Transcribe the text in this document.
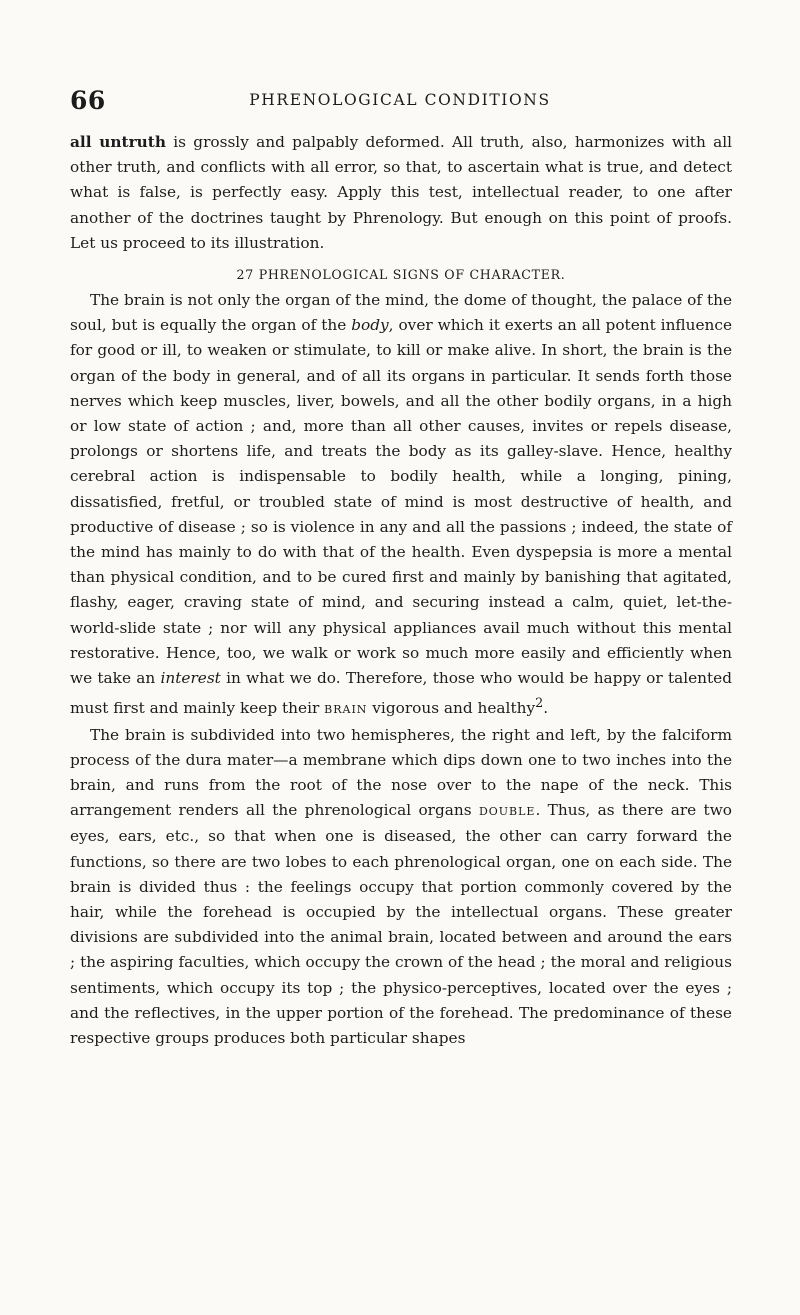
66	PHRENOLOGICAL CONDITIONS

all untruth is grossly and palpably deformed. All truth, also, harmonizes with all other truth, and conflicts with all error, so that, to ascertain what is true, and detect what is false, is perfectly easy. Apply this test, intellectual reader, to one after another of the doctrines taught by Phrenology. But enough on this point of proofs. Let us proceed to its illustration.

27 PHRENOLOGICAL SIGNS OF CHARACTER.

The brain is not only the organ of the mind, the dome of thought, the palace of the soul, but is equally the organ of the body, over which it exerts an all potent influence for good or ill, to weaken or stimulate, to kill or make alive. In short, the brain is the organ of the body in general, and of all its organs in particular. It sends forth those nerves which keep muscles, liver, bowels, and all the other bodily organs, in a high or low state of action ; and, more than all other causes, invites or repels disease, prolongs or shortens life, and treats the body as its galley-slave. Hence, healthy cerebral action is indispensable to bodily health, while a longing, pining, dissatisfied, fretful, or troubled state of mind is most destructive of health, and productive of disease ; so is violence in any and all the passions ; indeed, the state of the mind has mainly to do with that of the health. Even dyspepsia is more a mental than physical condition, and to be cured first and mainly by banishing that agitated, flashy, eager, craving state of mind, and securing instead a calm, quiet, let-the-world-slide state ; nor will any physical appliances avail much without this mental restorative. Hence, too, we walk or work so much more easily and efficiently when we take an interest in what we do. Therefore, those who would be happy or talented must first and mainly keep their BRAIN vigorous and healthy$^2$.

The brain is subdivided into two hemispheres, the right and left, by the falciform process of the dura mater—a membrane which dips down one to two inches into the brain, and runs from the root of the nose over to the nape of the neck. This arrangement renders all the phrenological organs DOUBLE. Thus, as there are two eyes, ears, etc., so that when one is diseased, the other can carry forward the functions, so there are two lobes to each phrenological organ, one on each side. The brain is divided thus : the feelings occupy that portion commonly covered by the hair, while the forehead is occupied by the intellectual organs. These greater divisions are subdivided into the animal brain, located between and around the ears ; the aspiring faculties, which occupy the crown of the head ; the moral and religious sentiments, which occupy its top ; the physico-perceptives, located over the eyes ; and the reflectives, in the upper portion of the forehead. The predominance of these respective groups produces both particular shapes
